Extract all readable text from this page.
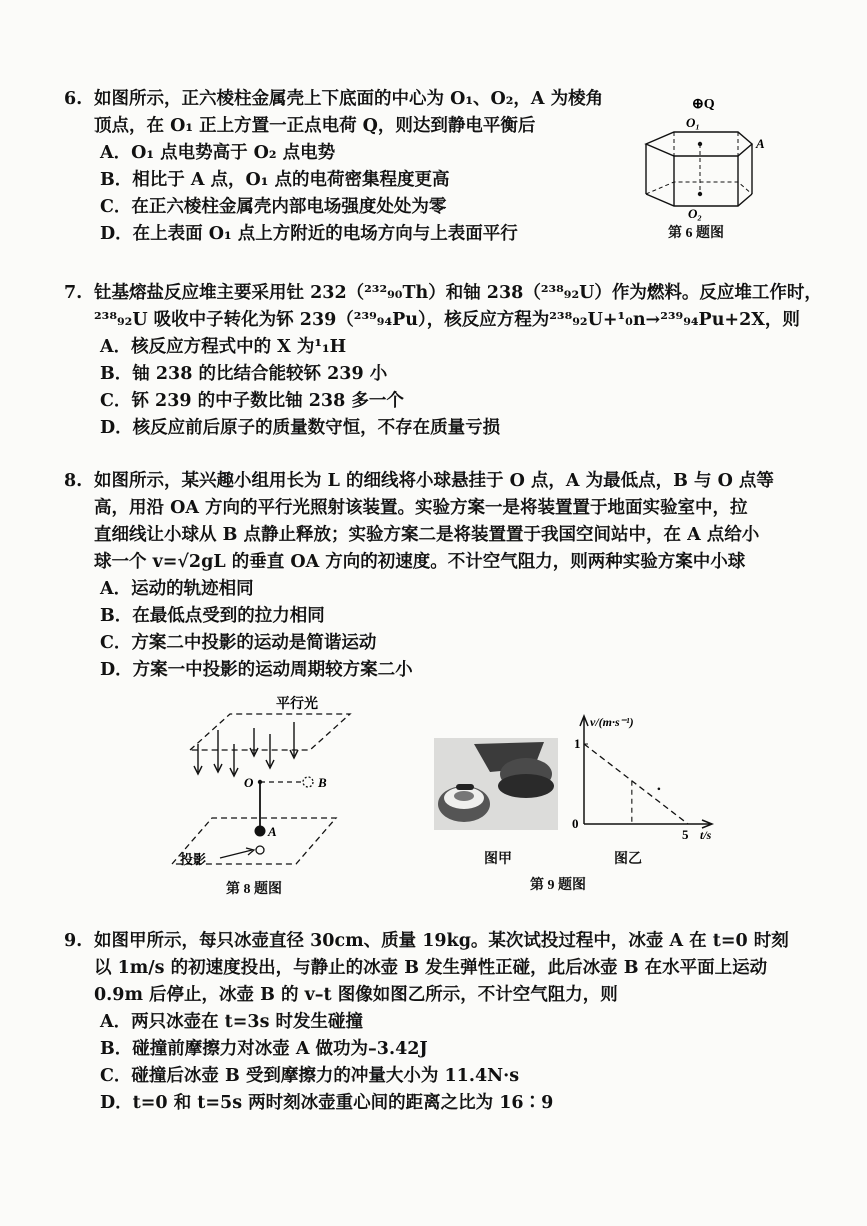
6. 如图所示，正六棱柱金属壳上下底面的中心为 O₁、O₂，A 为棱角
顶点，在 O₁ 正上方置一正点电荷 Q，则达到静电平衡后
A．O₁ 点电势高于 O₂ 点电势
B．相比于 A 点，O₁ 点的电荷密集程度更高
C．在正六棱柱金属壳内部电场强度处处为零
D．在上表面 O₁ 点上方附近的电场方向与上表面平行
⊕Q
O₁
A
O₂
第 6 题图
7. 钍基熔盐反应堆主要采用钍 232（²³²₉₀Th）和铀 238（²³⁸₉₂U）作为燃料。反应堆工作时，
²³⁸₉₂U 吸收中子转化为钚 239（²³⁹₉₄Pu），核反应方程为²³⁸₉₂U+¹₀n→²³⁹₉₄Pu+2X，则
A．核反应方程式中的 X 为¹₁H
B．铀 238 的比结合能较钚 239 小
C．钚 239 的中子数比铀 238 多一个
D．核反应前后原子的质量数守恒，不存在质量亏损
8. 如图所示，某兴趣小组用长为 L 的细线将小球悬挂于 O 点，A 为最低点，B 与 O 点等
高，用沿 OA 方向的平行光照射该装置。实验方案一是将装置置于地面实验室中，拉
直细线让小球从 B 点静止释放；实验方案二是将装置置于我国空间站中，在 A 点给小
球一个 v=√2gL 的垂直 OA 方向的初速度。不计空气阻力，则两种实验方案中小球
A．运动的轨迹相同
B．在最低点受到的拉力相同
C．方案二中投影的运动是简谐运动
D．方案一中投影的运动周期较方案二小
平行光
O	B
A
投影
第 8 题图
图甲
1
0
5 t/s
v/(m·s⁻¹)
图乙
第 9 题图
9. 如图甲所示，每只冰壶直径 30cm、质量 19kg。某次试投过程中，冰壶 A 在 t=0 时刻
以 1m/s 的初速度投出，与静止的冰壶 B 发生弹性正碰，此后冰壶 B 在水平面上运动
0.9m 后停止，冰壶 B 的 v–t 图像如图乙所示，不计空气阻力，则
A．两只冰壶在 t=3s 时发生碰撞
B．碰撞前摩擦力对冰壶 A 做功为–3.42J
C．碰撞后冰壶 B 受到摩擦力的冲量大小为 11.4N·s
D．t=0 和 t=5s 两时刻冰壶重心间的距离之比为 16∶9
